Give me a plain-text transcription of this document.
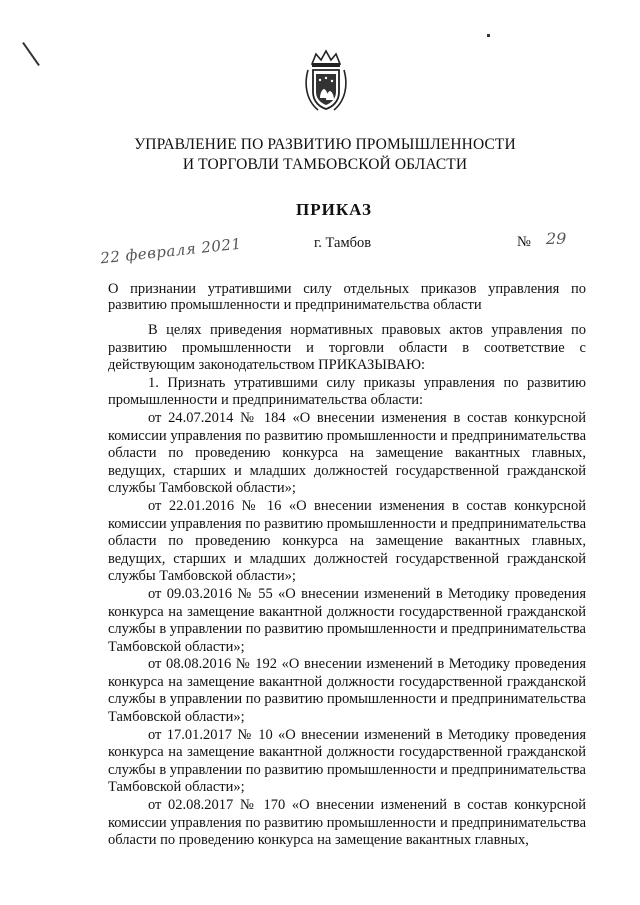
УПРАВЛЕНИЕ ПО РАЗВИТИЮ ПРОМЫШЛЕННОСТИ
И ТОРГОВЛИ ТАМБОВСКОЙ ОБЛАСТИ
ПРИКАЗ
22 февраля 2021	г. Тамбов	№ 29
О признании утратившими силу отдельных приказов управления по развитию промышленности и предпринимательства области

В целях приведения нормативных правовых актов управления по развитию промышленности и торговли области в соответствие с действующим законодательством ПРИКАЗЫВАЮ:

1. Признать утратившими силу приказы управления по развитию промышленности и предпринимательства области:

от 24.07.2014 № 184 «О внесении изменения в состав конкурсной комиссии управления по развитию промышленности и предпринимательства области по проведению конкурса на замещение вакантных главных, ведущих, старших и младших должностей государственной гражданской службы Тамбовской области»;

от 22.01.2016 № 16 «О внесении изменения в состав конкурсной комиссии управления по развитию промышленности и предпринимательства области по проведению конкурса на замещение вакантных главных, ведущих, старших и младших должностей государственной гражданской службы Тамбовской области»;

от 09.03.2016 № 55 «О внесении изменений в Методику проведения конкурса на замещение вакантной должности государственной гражданской службы в управлении по развитию промышленности и предпринимательства Тамбовской области»;

от 08.08.2016 № 192 «О внесении изменений в Методику проведения конкурса на замещение вакантной должности государственной гражданской службы в управлении по развитию промышленности и предпринимательства Тамбовской области»;

от 17.01.2017 № 10 «О внесении изменений в Методику проведения конкурса на замещение вакантной должности государственной гражданской службы в управлении по развитию промышленности и предпринимательства Тамбовской области»;

от 02.08.2017 № 170 «О внесении изменений в состав конкурсной комиссии управления по развитию промышленности и предпринимательства области по проведению конкурса на замещение вакантных главных,
